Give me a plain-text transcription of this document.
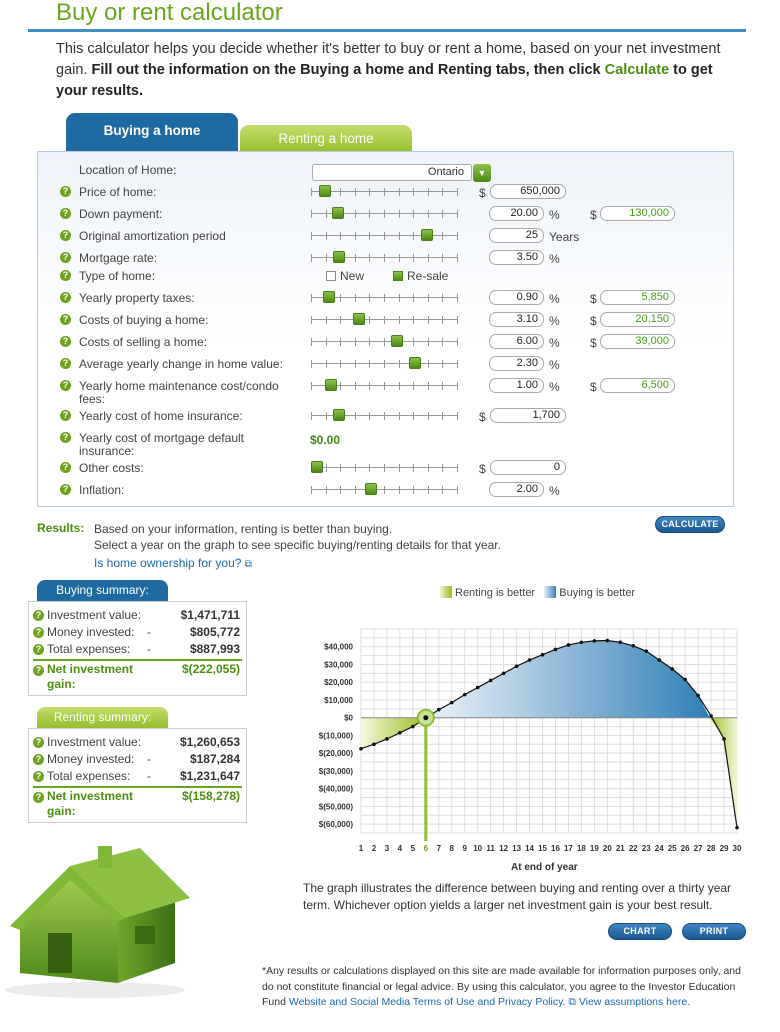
Buy or rent calculator
This calculator helps you decide whether it's better to buy or rent a home, based on your net investment gain. Fill out the information on the Buying a home and Renting tabs, then click Calculate to get your results.
Buying a home
Renting a home
Location of Home:	Ontario	▼
? Price of home:	$	650,000
? Down payment:	20.00 %	$	130,000
? Original amortization period	25 Years
? Mortgage rate:	3.50 %
? Yearly property taxes:	0.90 %	$	5,850
? Costs of buying a home:	3.10 %	$	20,150
? Costs of selling a home:	6.00 %	$	39,000
? Average yearly change in home value:	2.30 %
? Yearly home maintenance cost/condo fees:
1.00 %	$	6,500
? Yearly cost of home insurance:	$	1,700
? Other costs:	$	0
? Inflation:	2.00 %
? Type of home:	New	Re-sale
? Yearly cost of mortgage default insurance:
$0.00
Results: Based on your information, renting is better than buying.
Select a year on the graph to see specific buying/renting details for that year.
Is home ownership for you? ⧉
CALCULATE
Buying summary:
? Investment value:	$1,471,711
? Money invested: -	$805,772
? Total expenses: -	$887,993
? Net investment gain:
$(222,055)
Renting summary:
? Investment value:	$1,260,653
? Money invested: -	$187,284
? Total expenses: - $1,231,647
? Net investment gain:
$(158,278)
Renting is better Buying is better
$40,000
$30,000
$20,000
$10,000
$0
$(10,000)
$(20,000)
$(30,000)
$(40,000)
$(50,000)
$(60,000)
1 2 3 4 5 6 7 8 9 10 11 12 13 14 15 16 17 18 19 20 21 22 23 24 25 26 27 28 29 30
At end of year
The graph illustrates the difference between buying and renting over a thirty year term. Whichever option yields a larger net investment gain is your best result.
CHART	PRINT
*Any results or calculations displayed on this site are made available for information purposes only, and do not constitute financial or legal advice. By using this calculator, you agree to the Investor Education Fund Website and Social Media Terms of Use and Privacy Policy. ⧉ View assumptions here.
